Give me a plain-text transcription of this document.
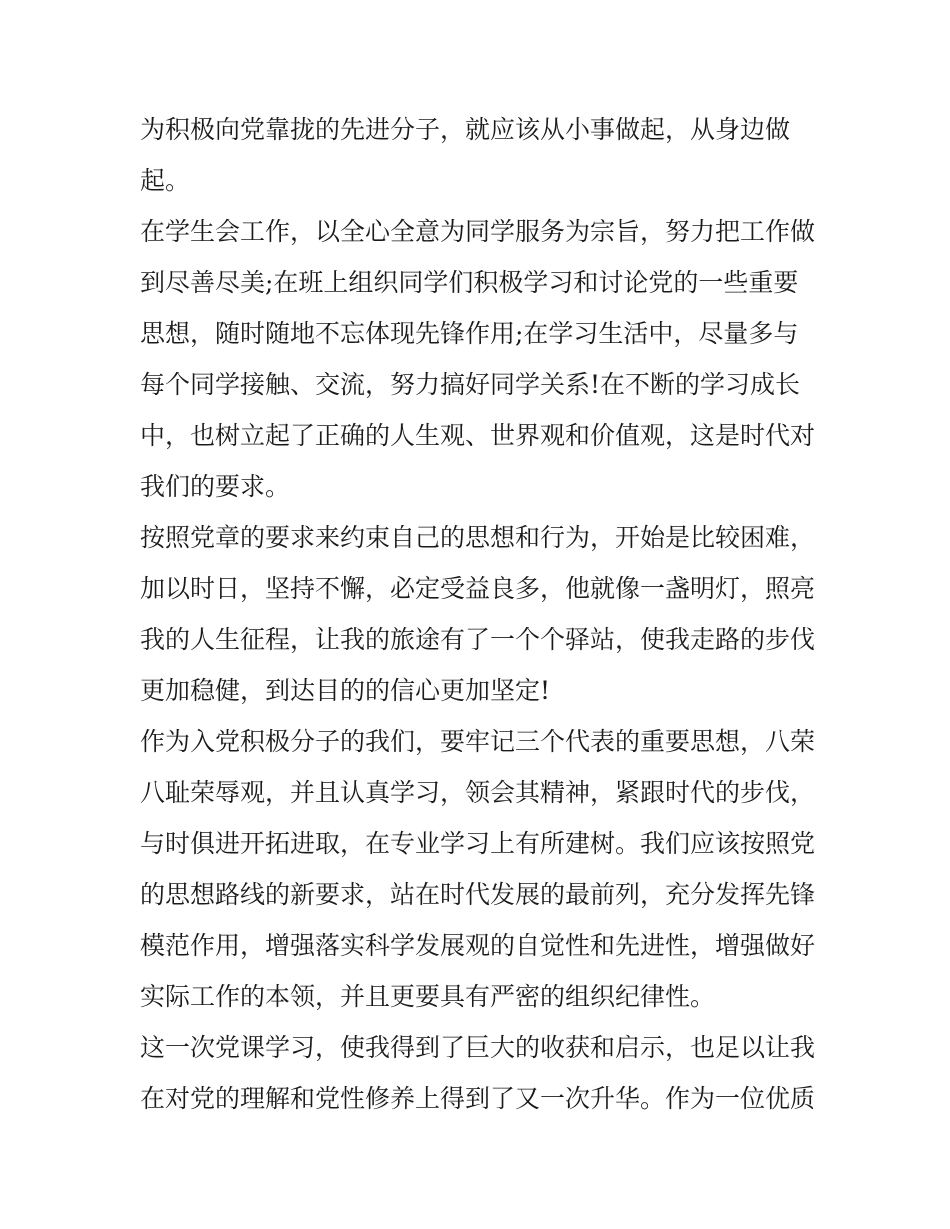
为积极向党靠拢的先进分子，就应该从小事做起，从身边做
起。
在学生会工作，以全心全意为同学服务为宗旨，努力把工作做
到尽善尽美;在班上组织同学们积极学习和讨论党的一些重要
思想，随时随地不忘体现先锋作用;在学习生活中，尽量多与
每个同学接触、交流，努力搞好同学关系!在不断的学习成长
中，也树立起了正确的人生观、世界观和价值观，这是时代对
我们的要求。
按照党章的要求来约束自己的思想和行为，开始是比较困难，
加以时日，坚持不懈，必定受益良多，他就像一盏明灯，照亮
我的人生征程，让我的旅途有了一个个驿站，使我走路的步伐
更加稳健，到达目的的信心更加坚定!
作为入党积极分子的我们，要牢记三个代表的重要思想，八荣
八耻荣辱观，并且认真学习，领会其精神，紧跟时代的步伐，
与时俱进开拓进取，在专业学习上有所建树。我们应该按照党
的思想路线的新要求，站在时代发展的最前列，充分发挥先锋
模范作用，增强落实科学发展观的自觉性和先进性，增强做好
实际工作的本领，并且更要具有严密的组织纪律性。
这一次党课学习，使我得到了巨大的收获和启示，也足以让我
在对党的理解和党性修养上得到了又一次升华。作为一位优质
